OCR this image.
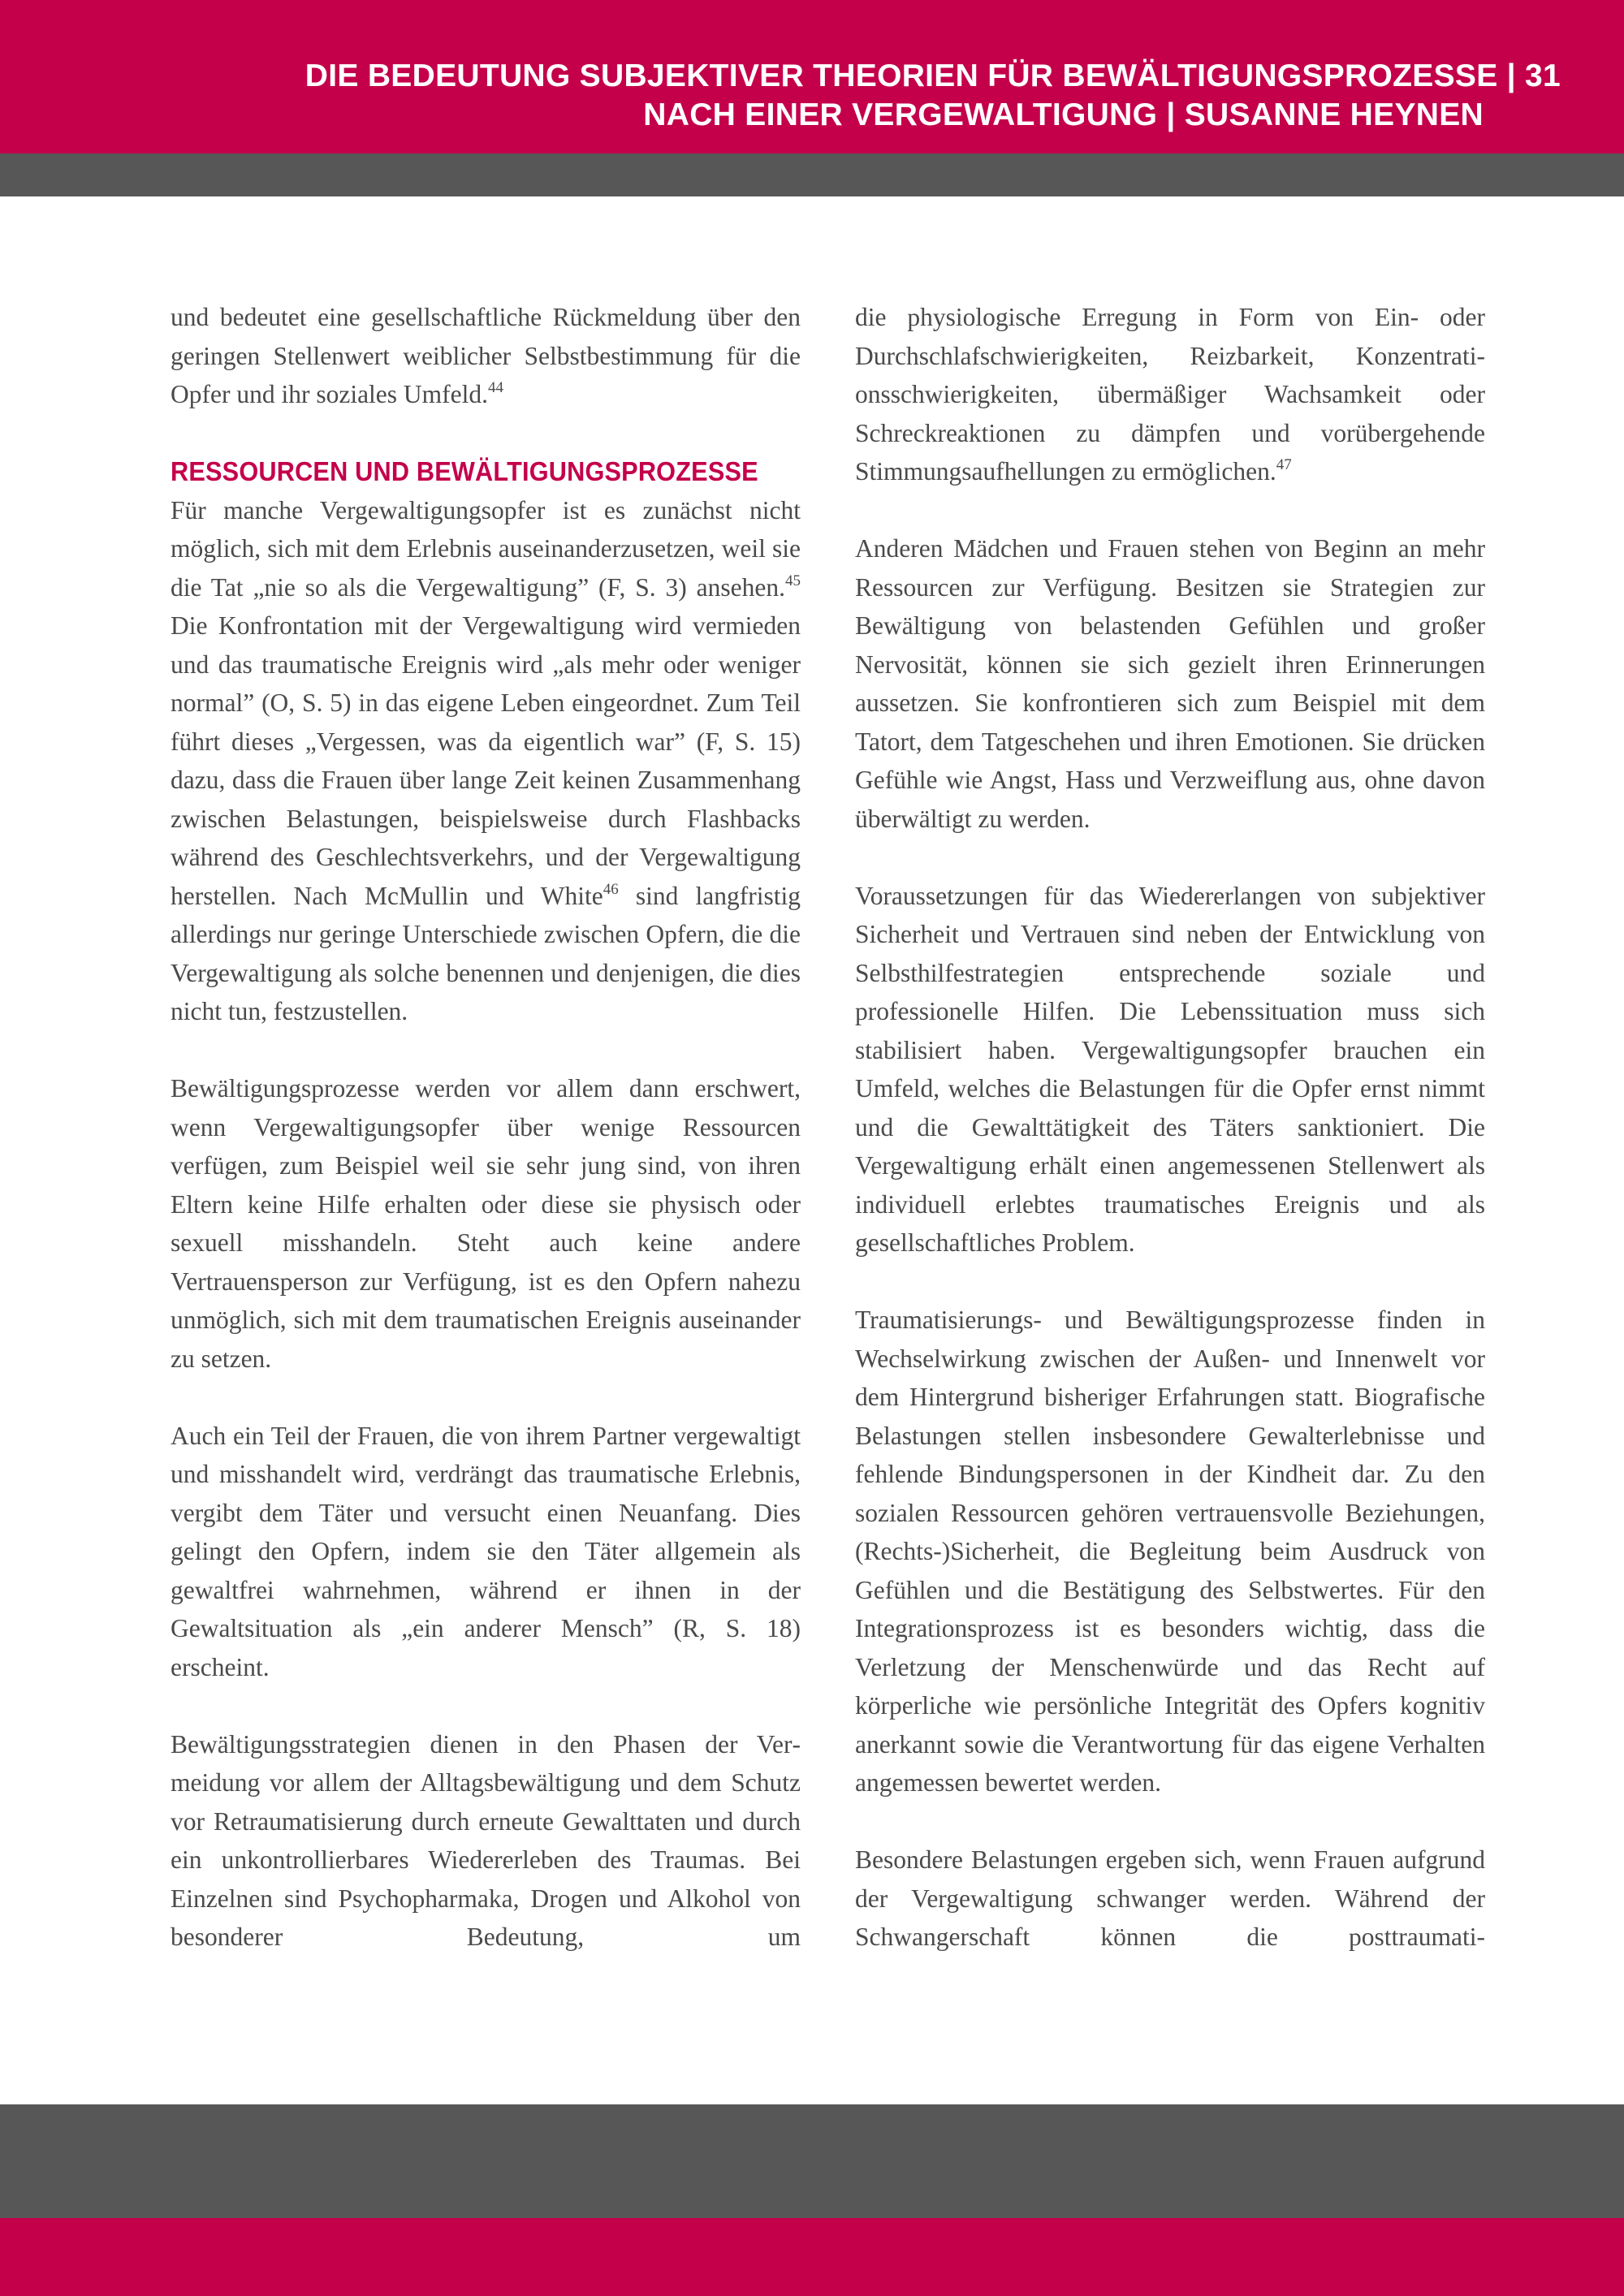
DIE BEDEUTUNG SUBJEKTIVER THEORIEN FÜR BEWÄLTIGUNGSPROZESSE | 31
NACH EINER VERGEWALTIGUNG | SUSANNE HEYNEN

und bedeutet eine gesellschaftliche Rückmeldung über den geringen Stellenwert weiblicher Selbstbestimmung für die Opfer und ihr soziales Umfeld.$^{44}$

RESSOURCEN UND BEWÄLTIGUNGSPROZESSE

Für manche Vergewaltigungsopfer ist es zunächst nicht möglich, sich mit dem Erlebnis auseinanderzusetzen, weil sie die Tat „nie so als die Vergewaltigung” (F, S. 3) ansehen.$^{45}$ Die Konfrontation mit der Vergewaltigung wird vermieden und das traumatische Ereignis wird „als mehr oder weniger normal” (O, S. 5) in das eigene Leben eingeordnet. Zum Teil führt dieses „Vergessen, was da eigentlich war” (F, S. 15) dazu, dass die Frauen über lange Zeit keinen Zusammenhang zwischen Belastungen, beispielsweise durch Flashbacks während des Geschlechtsverkehrs, und der Vergewaltigung herstellen. Nach McMullin und White$^{46}$ sind langfristig allerdings nur geringe Unterschiede zwischen Opfern, die die Vergewaltigung als solche benennen und denjenigen, die dies nicht tun, festzustellen.

Bewältigungsprozesse werden vor allem dann erschwert, wenn Vergewaltigungsopfer über wenige Ressourcen verfügen, zum Beispiel weil sie sehr jung sind, von ihren Eltern keine Hilfe erhalten oder diese sie physisch oder sexuell misshandeln. Steht auch keine andere Vertrauensperson zur Verfügung, ist es den Opfern nahezu unmöglich, sich mit dem traumatischen Ereignis auseinander zu setzen.

Auch ein Teil der Frauen, die von ihrem Partner vergewaltigt und misshandelt wird, verdrängt das traumatische Erlebnis, vergibt dem Täter und versucht einen Neuanfang. Dies gelingt den Opfern, indem sie den Täter allgemein als gewaltfrei wahrnehmen, während er ihnen in der Gewaltsituation als „ein anderer Mensch” (R, S. 18) erscheint.

Bewältigungsstrategien dienen in den Phasen der Vermeidung vor allem der Alltagsbewältigung und dem Schutz vor Retraumatisierung durch erneute Gewalttaten und durch ein unkontrollierbares Wiedererleben des Traumas. Bei Einzelnen sind Psychopharmaka, Drogen und Alkohol von besonderer Bedeutung, um

die physiologische Erregung in Form von Ein- oder Durchschlafschwierigkeiten, Reizbarkeit, Konzentrationsschwierigkeiten, übermäßiger Wachsamkeit oder Schreckreaktionen zu dämpfen und vorübergehende Stimmungsaufhellungen zu ermöglichen.$^{47}$

Anderen Mädchen und Frauen stehen von Beginn an mehr Ressourcen zur Verfügung. Besitzen sie Strategien zur Bewältigung von belastenden Gefühlen und großer Nervosität, können sie sich gezielt ihren Erinnerungen aussetzen. Sie konfrontieren sich zum Beispiel mit dem Tatort, dem Tatgeschehen und ihren Emotionen. Sie drücken Gefühle wie Angst, Hass und Verzweiflung aus, ohne davon überwältigt zu werden.

Voraussetzungen für das Wiedererlangen von subjektiver Sicherheit und Vertrauen sind neben der Entwicklung von Selbsthilfestrategien entsprechende soziale und professionelle Hilfen. Die Lebenssituation muss sich stabilisiert haben. Vergewaltigungsopfer brauchen ein Umfeld, welches die Belastungen für die Opfer ernst nimmt und die Gewalttätigkeit des Täters sanktioniert. Die Vergewaltigung erhält einen angemessenen Stellenwert als individuell erlebtes traumatisches Ereignis und als gesellschaftliches Problem.

Traumatisierungs- und Bewältigungsprozesse finden in Wechselwirkung zwischen der Außen- und Innenwelt vor dem Hintergrund bisheriger Erfahrungen statt. Biografische Belastungen stellen insbesondere Gewalterlebnisse und fehlende Bindungspersonen in der Kindheit dar. Zu den sozialen Ressourcen gehören vertrauensvolle Beziehungen, (Rechts-)Sicherheit, die Begleitung beim Ausdruck von Gefühlen und die Bestätigung des Selbstwertes. Für den Integrationsprozess ist es besonders wichtig, dass die Verletzung der Menschenwürde und das Recht auf körperliche wie persönliche Integrität des Opfers kognitiv anerkannt sowie die Verantwortung für das eigene Verhalten angemessen bewertet werden.

Besondere Belastungen ergeben sich, wenn Frauen aufgrund der Vergewaltigung schwanger werden. Während der Schwangerschaft können die posttraumati-
